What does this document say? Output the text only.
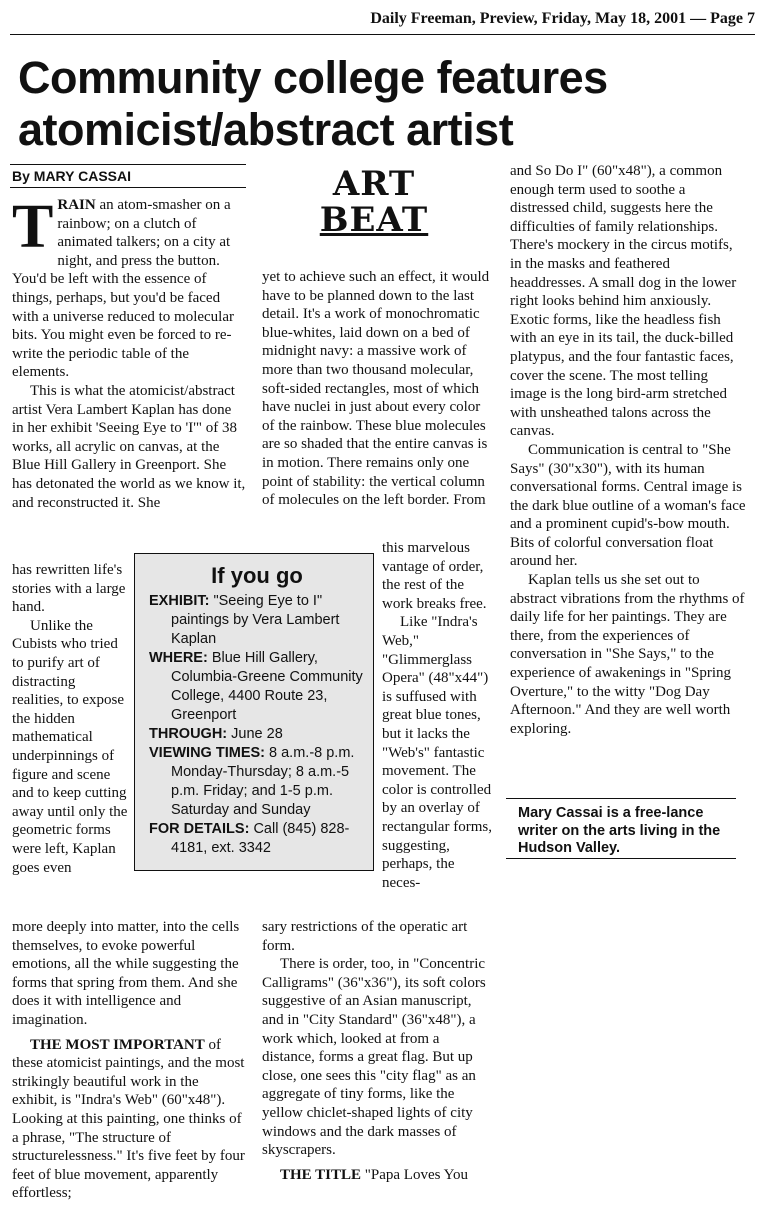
Daily Freeman, Preview, Friday, May 18, 2001 — Page 7
Community college features
atomicist/abstract artist
By MARY CASSAI	ART
BEAT

TRAIN an atom-smasher on a rainbow; on a clutch of animated talkers; on a city at night, and press the button. You'd be left with the essence of things, perhaps, but you'd be faced with a universe reduced to molecular bits. You might even be forced to re-write the periodic table of the elements.

This is what the atomicist/abstract artist Vera Lambert Kaplan has done in her exhibit 'Seeing Eye to 'I'" of 38 works, all acrylic on canvas, at the Blue Hill Gallery in Greenport. She has detonated the world as we know it, and reconstructed it. She

has rewritten life's stories with a large hand.

Unlike the Cubists who tried to purify art of distracting realities, to expose the hidden mathematical underpinnings of figure and scene and to keep cutting away until only the geometric forms were left, Kaplan goes even

more deeply into matter, into the cells themselves, to evoke powerful emotions, all the while suggesting the forms that spring from them. And she does it with intelligence and imagination.

THE MOST IMPORTANT of these atomicist paintings, and the most strikingly beautiful work in the exhibit, is "Indra's Web" (60"x48"). Looking at this painting, one thinks of a phrase, "The structure of structurelessness." It's five feet by four feet of blue movement, apparently effortless;

yet to achieve such an effect, it would have to be planned down to the last detail. It's a work of monochromatic blue-whites, laid down on a bed of midnight navy: a massive work of more than two thousand molecular, soft-sided rectangles, most of which have nuclei in just about every color of the rainbow. These blue molecules are so shaded that the entire canvas is in motion. There remains only one point of stability: the vertical column of molecules on the left border. From

this marvelous vantage of order, the rest of the work breaks free.

Like "Indra's Web," "Glimmerglass Opera" (48"x44") is suffused with great blue tones, but it lacks the "Web's" fantastic movement. The color is controlled by an overlay of rectangular forms, suggesting, perhaps, the neces-

sary restrictions of the operatic art form.

There is order, too, in "Concentric Calligrams" (36"x36"), its soft colors suggestive of an Asian manuscript, and in "City Standard" (36"x48"), a work which, looked at from a distance, forms a great flag. But up close, one sees this "city flag" as an aggregate of tiny forms, like the yellow chiclet-shaped lights of city windows and the dark masses of skyscrapers.

THE TITLE "Papa Loves You

and So Do I" (60"x48"), a common enough term used to soothe a distressed child, suggests here the difficulties of family relationships. There's mockery in the circus motifs, in the masks and feathered headdresses. A small dog in the lower right looks behind him anxiously. Exotic forms, like the headless fish with an eye in its tail, the duck-billed platypus, and the four fantastic faces, cover the scene. The most telling image is the long bird-arm stretched with unsheathed talons across the canvas.

Communication is central to "She Says" (30"x30"), with its human conversational forms. Central image is the dark blue outline of a woman's face and a prominent cupid's-bow mouth. Bits of colorful conversation float around her.

Kaplan tells us she set out to abstract vibrations from the rhythms of daily life for her paintings. They are there, from the experiences of conversation in "She Says," to the experience of awakenings in "Spring Overture," to the witty "Dog Day Afternoon." And they are well worth exploring.

Mary Cassai is a free-lance writer on the arts living in the Hudson Valley.
If you go

EXHIBIT: "Seeing Eye to I" paintings by Vera Lambert Kaplan

WHERE: Blue Hill Gallery, Columbia-Greene Community College, 4400 Route 23, Greenport

THROUGH: June 28

VIEWING TIMES: 8 a.m.-8 p.m. Monday-Thursday; 8 a.m.-5 p.m. Friday; and 1-5 p.m. Saturday and Sunday

FOR DETAILS: Call (845) 828-4181, ext. 3342
